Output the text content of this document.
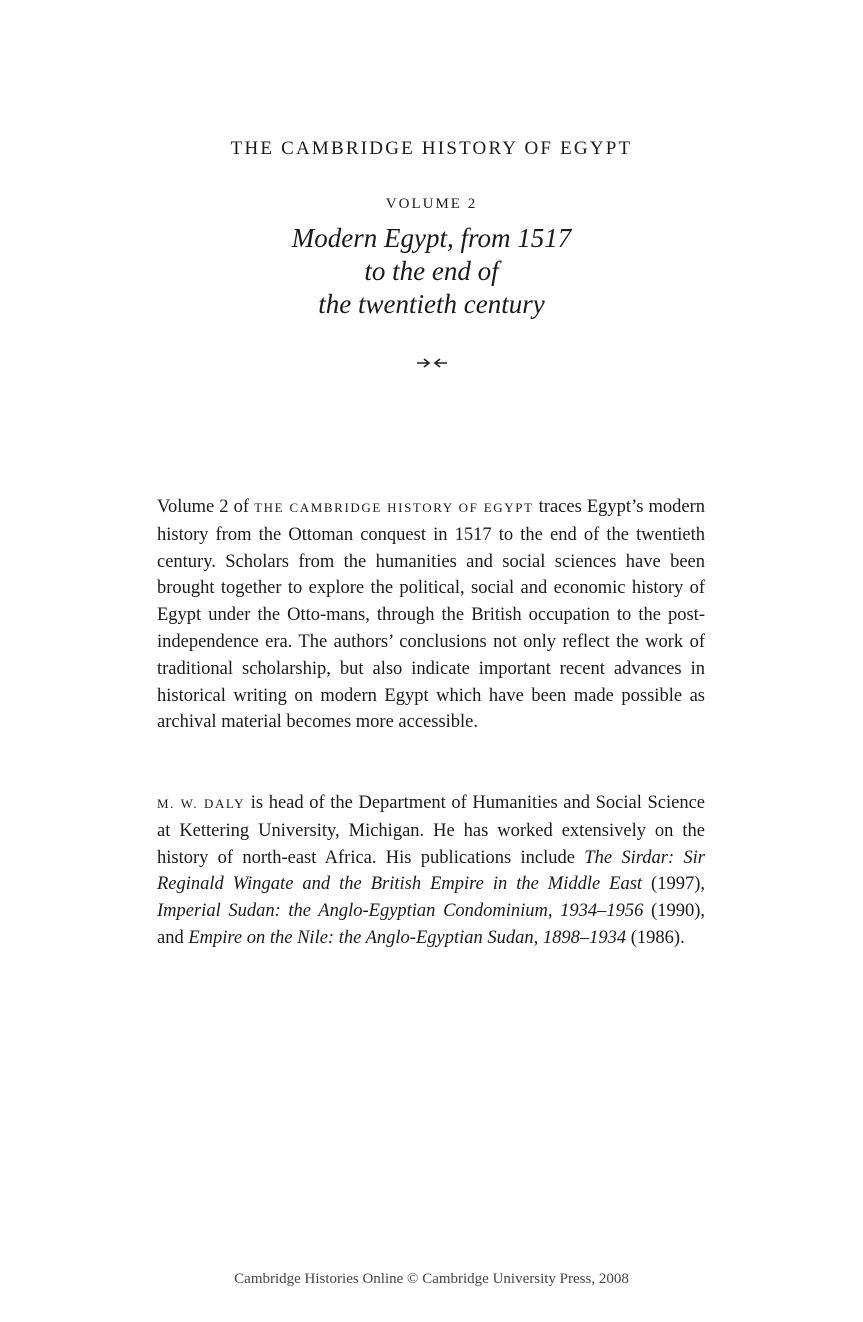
THE CAMBRIDGE HISTORY OF EGYPT
VOLUME 2
Modern Egypt, from 1517
to the end of
the twentieth century

Volume 2 of THE CAMBRIDGE HISTORY OF EGYPT traces Egypt’s modern history from the Ottoman conquest in 1517 to the end of the twentieth century. Scholars from the humanities and social sciences have been brought together to explore the political, social and economic history of Egypt under the Otto-mans, through the British occupation to the post-independence era. The authors’ conclusions not only reflect the work of traditional scholarship, but also indicate important recent advances in historical writing on modern Egypt which have been made possible as archival material becomes more accessible.

M. W. DALY is head of the Department of Humanities and Social Science at Kettering University, Michigan. He has worked extensively on the history of north-east Africa. His publications include The Sirdar: Sir Reginald Wingate and the British Empire in the Middle East (1997), Imperial Sudan: the Anglo-Egyptian Condominium, 1934–1956 (1990), and Empire on the Nile: the Anglo-Egyptian Sudan, 1898–1934 (1986).

Cambridge Histories Online © Cambridge University Press, 2008
